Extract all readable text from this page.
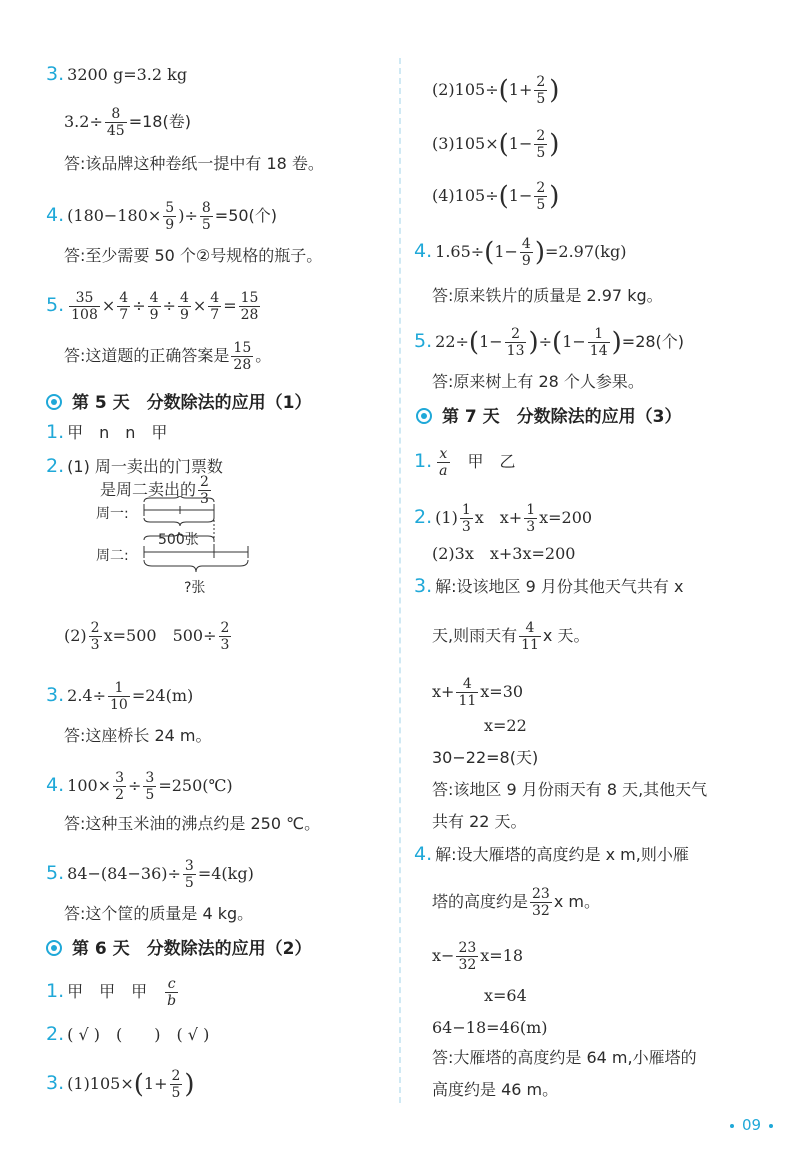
3. 3200 g=3.2 kg
$3.2\div \frac{8}{45} =18$(卷)
答:该品牌这种卷纸一提中有 18 卷。
4. ($180-180\times \frac{5}{9}$ )÷ $\frac{8}{5} =50$(个)
答:至少需要 50 个②号规格的瓶子。
5. $\frac{35}{108} \times \frac{4}{7} \div \frac{4}{9} \div \frac{4}{9} \times \frac{4}{7} = \frac{15}{28}$
答:这道题的正确答案是 $\frac{15}{28}$ 。
第 5 天　分数除法的应用（1）
1. 甲　n　n　甲
2. (1) 周一卖出的门票数
是周二卖出的 $\frac{2}{3}$
周一:
周二:
500张
?张
$(2) \frac{2}{3} x=500$　$500\div \frac{2}{3}$
3. $2.4\div \frac{1}{10} =24(m)$
答:这座桥长 24 m。
4. $100\times \frac{3}{2} \div \frac{3}{5}$ =250(℃)
答:这种玉米油的沸点约是 250 ℃。
5. $84-(84-36)\div \frac{3}{5} =4(kg)$
答:这个筐的质量是 4 kg。
第 6 天　分数除法的应用（2）
1. 甲　甲　甲　 $\frac{c}{b}$
2. ( √ )　(　　)　( √ )
3. $(1)105\times(1+ \frac{2}{5}$ )
$(2)105\div(1+ \frac{2}{5}$ )
$(3)105\times(1- \frac{2}{5}$ )
$(4)105\div(1- \frac{2}{5}$ )
4. $1.65\div(1- \frac{4}{9} )=2.97(kg)$
答:原来铁片的质量是 2.97 kg。
5. $22\div(1- \frac{2}{13} )\div(1- \frac{1}{14} )=28$(个)
答:原来树上有 28 个人参果。
第 7 天　分数除法的应用（3）
1. $\frac{x}{a}$
　 甲　乙
2. $(1) \frac{1}{3}$ x　$x+ \frac{1}{3} x=200$
(2)3x　x+3x=200
3. 解:设该地区 9 月份其他天气共有 x
天,则雨天有 $\frac{4}{11}$ x 天。
$x+ \frac{4}{11} x=30$
x=22
30−22=8(天)
答:该地区 9 月份雨天有 8 天,其他天气
共有 22 天。
4. 解:设大雁塔的高度约是 x m,则小雁
塔的高度约是 $\frac{23}{32}$ x m。
$x- \frac{23}{32} x=18$
x=64
64−18=46(m)
答:大雁塔的高度约是 64 m,小雁塔的
高度约是 46 m。
09
